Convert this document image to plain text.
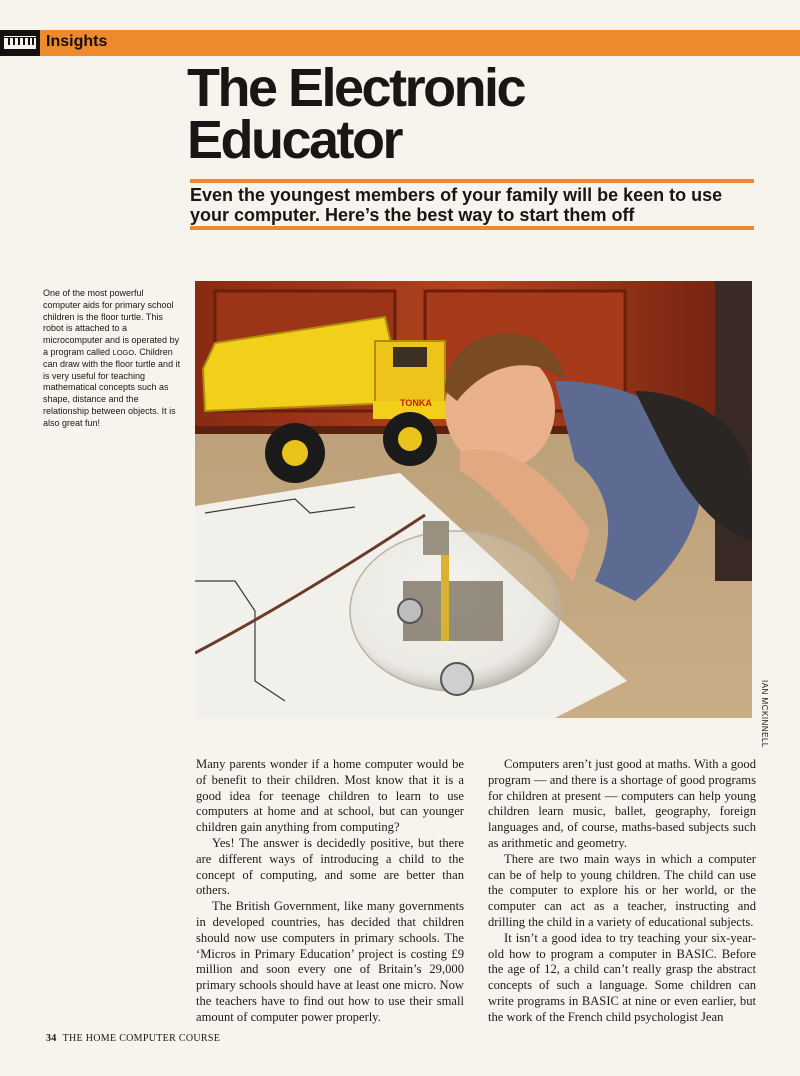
Insights
The Electronic
Educator

Even the youngest members of your family will be keen to use your computer. Here’s the best way to start them off

One of the most powerful computer aids for primary school children is the floor turtle. This robot is attached to a microcomputer and is operated by a program called LOGO. Children can draw with the floor turtle and it is very useful for teaching mathematical concepts such as shape, distance and the relationship between objects. It is also great fun!

TONKA
IAN MCKINNELL

Many parents wonder if a home computer would be of benefit to their children. Most know that it is a good idea for teenage children to learn to use computers at home and at school, but can younger children gain anything from computing?

Yes! The answer is decidedly positive, but there are different ways of introducing a child to the concept of computing, and some are better than others.

The British Government, like many governments in developed countries, has decided that children should now use computers in primary schools. The ‘Micros in Primary Education’ project is costing £9 million and soon every one of Britain’s 29,000 primary schools should have at least one micro. Now the teachers have to find out how to use their small amount of computer power properly.

Computers aren’t just good at maths. With a good program — and there is a shortage of good programs for children at present — computers can help young children learn music, ballet, geography, foreign languages and, of course, maths-based subjects such as arithmetic and geometry.

There are two main ways in which a computer can be of help to young children. The child can use the computer to explore his or her world, or the computer can act as a teacher, instructing and drilling the child in a variety of educational subjects.

It isn’t a good idea to try teaching your six-year-old how to program a computer in BASIC. Before the age of 12, a child can’t really grasp the abstract concepts of such a language. Some children can write programs in BASIC at nine or even earlier, but the work of the French child psychologist Jean

34 THE HOME COMPUTER COURSE
